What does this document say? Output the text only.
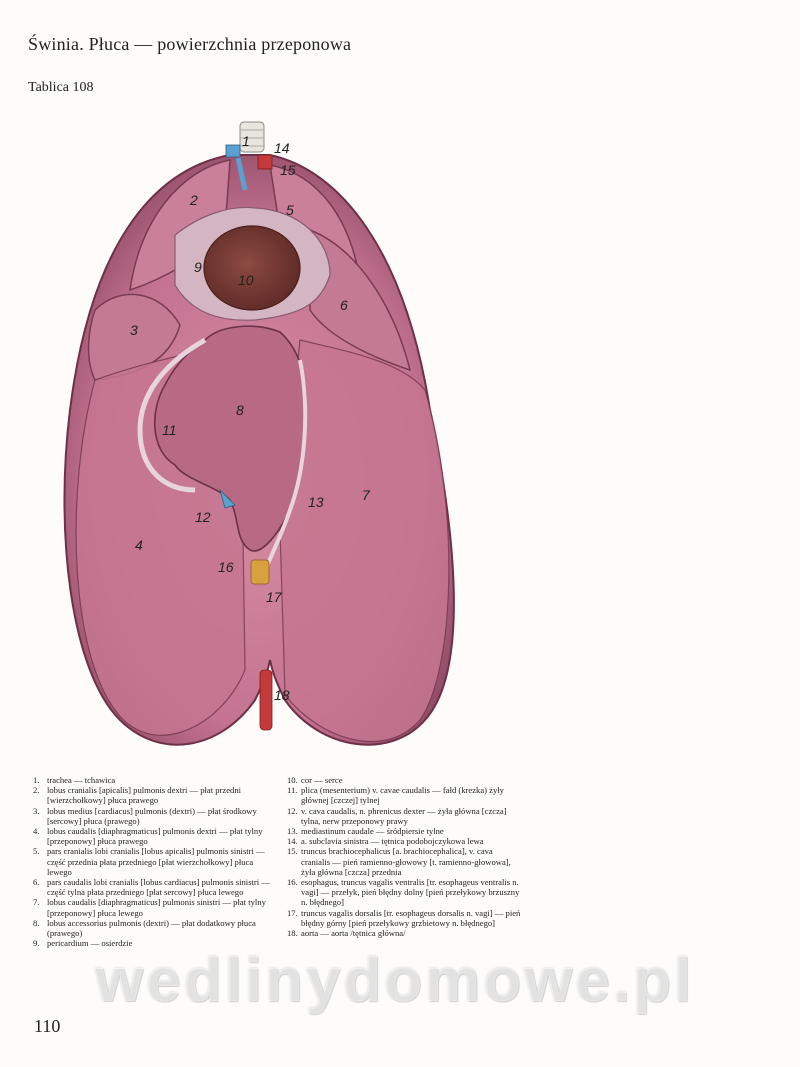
Świnia. Płuca — powierzchnia przeponowa
Tablica 108
1
2
3
4
5
6
7
8
9
10
11
12
13
14
15
16
17
18
1. trachea — tchawica
2. lobus cranialis [apicalis] pulmonis dextri — płat przedni [wierzchołkowy] płuca prawego
3. lobus medius [cardiacus] pulmonis (dextri) — płat środkowy [sercowy] płuca (prawego)
4. lobus caudalis [diaphragmaticus] pulmonis dextri — płat tylny [przeponowy] płuca prawego
5. pars cranialis lobi cranialis [lobus apicalis] pulmonis sinistri — część przednia płata przedniego [płat wierzchołkowy] płuca lewego
6. pars caudalis lobi cranialis [lobus cardiacus] pulmonis sinistri — część tylna płata przedniego [płat sercowy] płuca lewego
7. lobus caudalis [diaphragmaticus] pulmonis sinistri — płat tylny [przeponowy] płuca lewego
8. lobus accessorius pulmonis (dextri) — płat dodatkowy płuca (prawego)
9. pericardium — osierdzie
10. cor — serce
11. plica (mesenterium) v. cavae caudalis — fałd (krezka) żyły głównej [czczej] tylnej
12. v. cava caudalis, n. phrenicus dexter — żyła główna [czcza] tylna, nerw przeponowy prawy
13. mediastinum caudale — śródpiersie tylne
14. a. subclavia sinistra — tętnica podobojczykowa lewa
15. truncus brachiocephalicus [a. brachiocephalica], v. cava cranialis — pień ramienno-głowowy [t. ramienno-głowowa], żyła główna [czcza] przednia
16. esophagus, truncus vagalis ventralis [tr. esophageus ventralis n. vagi] — przełyk, pień błędny dolny [pień przełykowy brzuszny n. błędnego]
17. truncus vagalis dorsalis [tr. esophageus dorsalis n. vagi] — pień błędny górny [pień przełykowy grzbietowy n. błędnego]
18. aorta — aorta /tętnica główna/
wedlinydomowe.pl
110
